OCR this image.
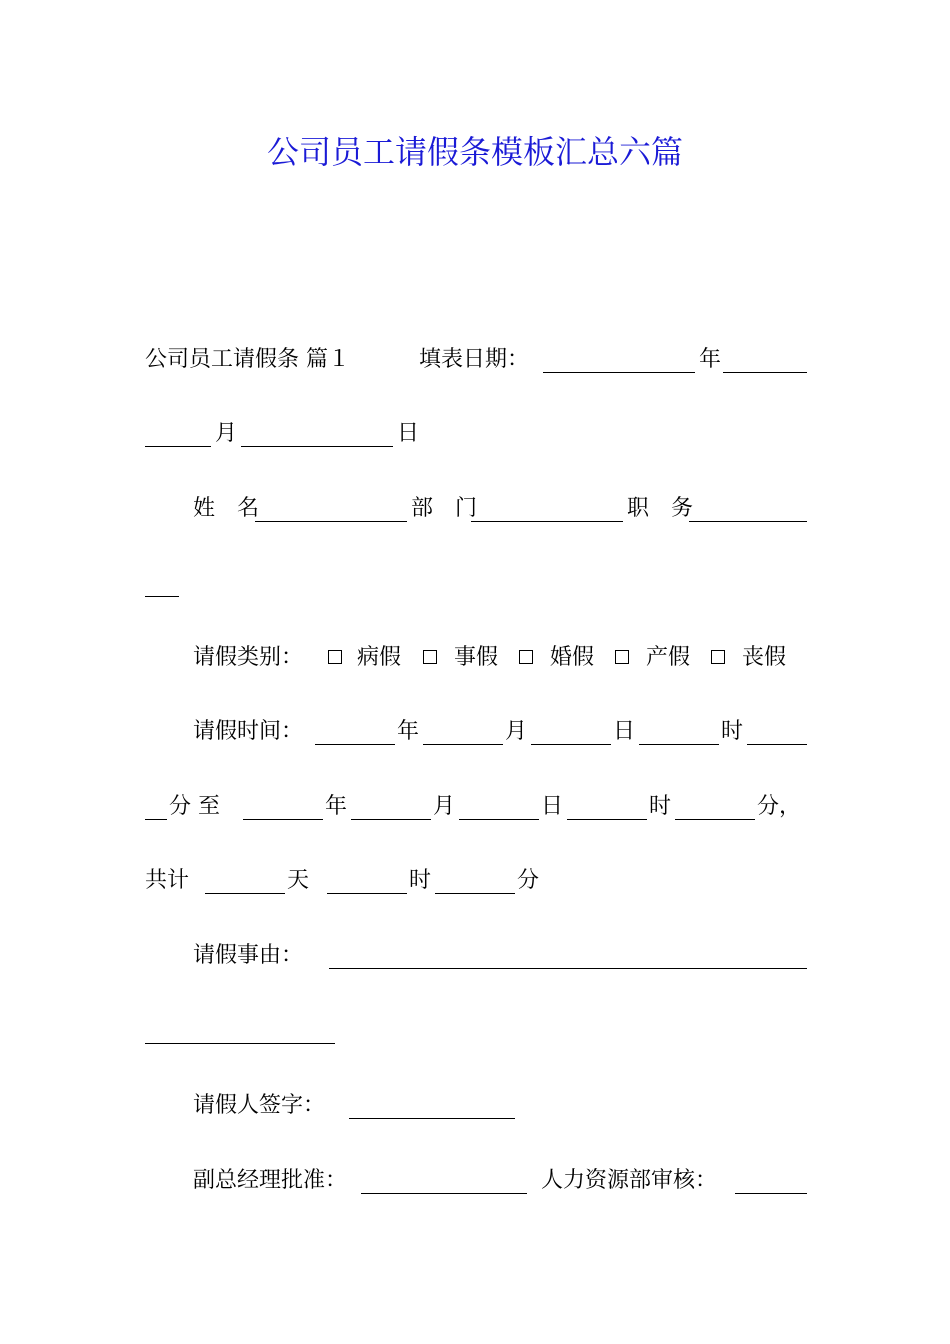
公司员工请假条模板汇总六篇
公司员工请假条 篇１	填表日期：	年
月	日
姓　名	部　门	职　务
请假类别： 病假 事假 婚假 产假 丧假
请假时间：	年	月	日	时
分 至	年	月	日	时	分，
共计	天	时	分
请假事由：
请假人签字：
副总经理批准：	人力资源部审核：
